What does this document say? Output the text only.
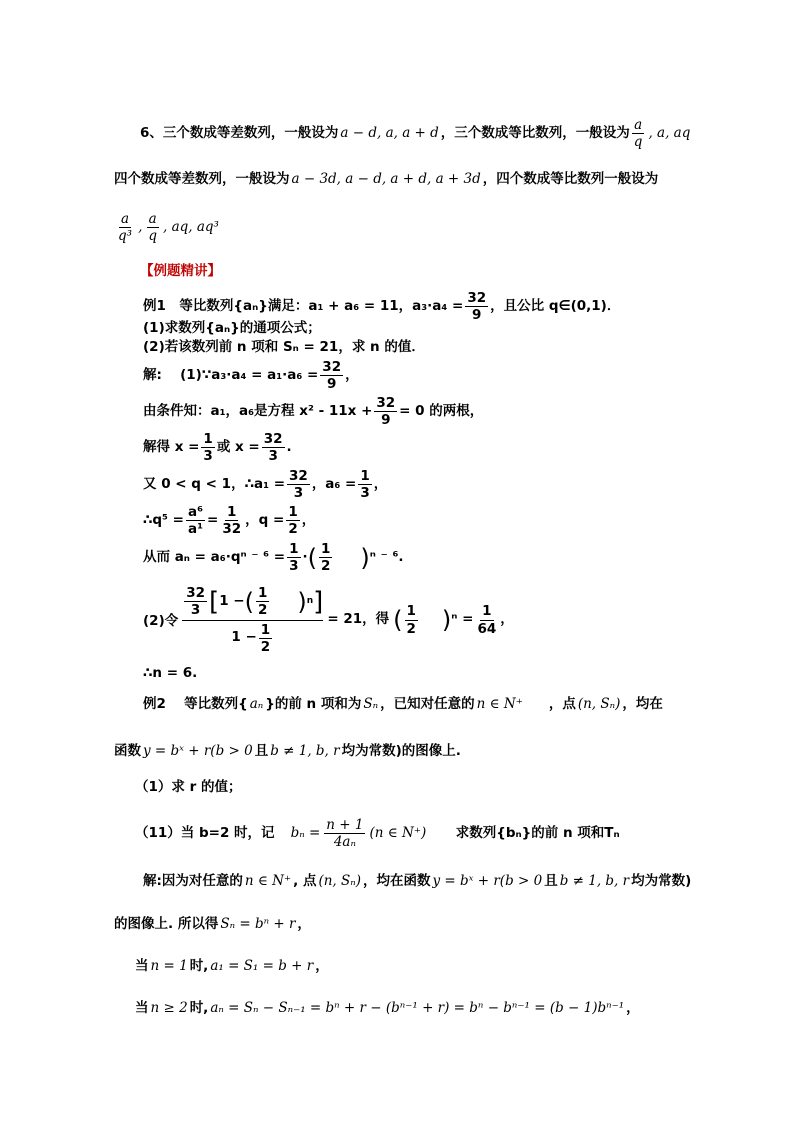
6、三个数成等差数列，一般设为 a − d, a, a + d ，三个数成等比数列，一般设为 $\frac{a}{q}$ , a, aq
四个数成等差数列，一般设为 a − 3d, a − d, a + d, a + 3d ，四个数成等比数列一般设为
$\frac{a}{\text{q³}}$ , $\frac{a}{q}$ , aq, aq³
【例题精讲】
例1　等比数列{aₙ}满足：a₁ + a₆ = 11，$a_3\cdot a_4 = \frac{32}{9}$ ，且公比 q∈(0,1)．
(1)求数列{aₙ}的通项公式；
(2)若该数列前 n 项和 Sₙ = 21，求 n 的值．
解:　 (1)∵a₃·a₄ = $a_1\cdot a_6 = \frac{32}{9}$ ，
由条件知：a₁，a₆是方程 $x^2 - 11x + \frac{32}{9} = 0$ 的两根，
解得 $x = \frac{1}{3}$ 或 $x = \frac{32}{3}$ .
又 0 < q < 1，∴a₁ = $\frac{32}{3}$ ，$a_6 = \frac{1}{3}$ ，
∴q⁵ = $\frac{\text{a⁶}}{\text{a¹}} = \frac{1}{32}$ ，$q = \frac{1}{2}$ ，
从而 aₙ = a₆·qⁿ ⁻ $^6 = \frac{1}{3}$ · ( $\frac{1}{2}$ ) ⁿ ⁻ ⁶.
(2)令
$\frac{32}{3}$ [ 1 − ( $\frac{1}{2}$ ) n ]
$1 - \frac{1}{2}$
= 21，得 ( $\frac{1}{2}$ ) $^n = \frac{1}{64}$ ，
∴n = 6.
例2　 等比数列{ aₙ }的前 n 项和为 Sₙ ，已知对任意的 n ∈ N⁺ ，点 (n, Sₙ) ，均在
函数 y = bˣ + r(b > 0 且 b ≠ 1, b, r 均为常数)的图像上.
（1）求 r 的值；
（11）当 b=2 时，记 $b_n = \frac{n + 1}{\text{4aₙ}} (n$ ∈ N⁺) 　求数列{bₙ}的前 n 项和Tₙ
解:因为对任意的 n ∈ N⁺ , 点 (n, Sₙ) ，均在函数 y = bˣ + r(b > 0 且 b ≠ 1, b, r 均为常数)
的图像上. 所以得 Sₙ = bⁿ + r ，
当 n = 1 时, a₁ = S₁ = b + r ，
当 n ≥ 2 时, aₙ = Sₙ − Sₙ₋₁ = bⁿ + r − (bⁿ⁻¹ + r) = bⁿ − bⁿ⁻¹ = (b − 1)bⁿ⁻¹ ，
